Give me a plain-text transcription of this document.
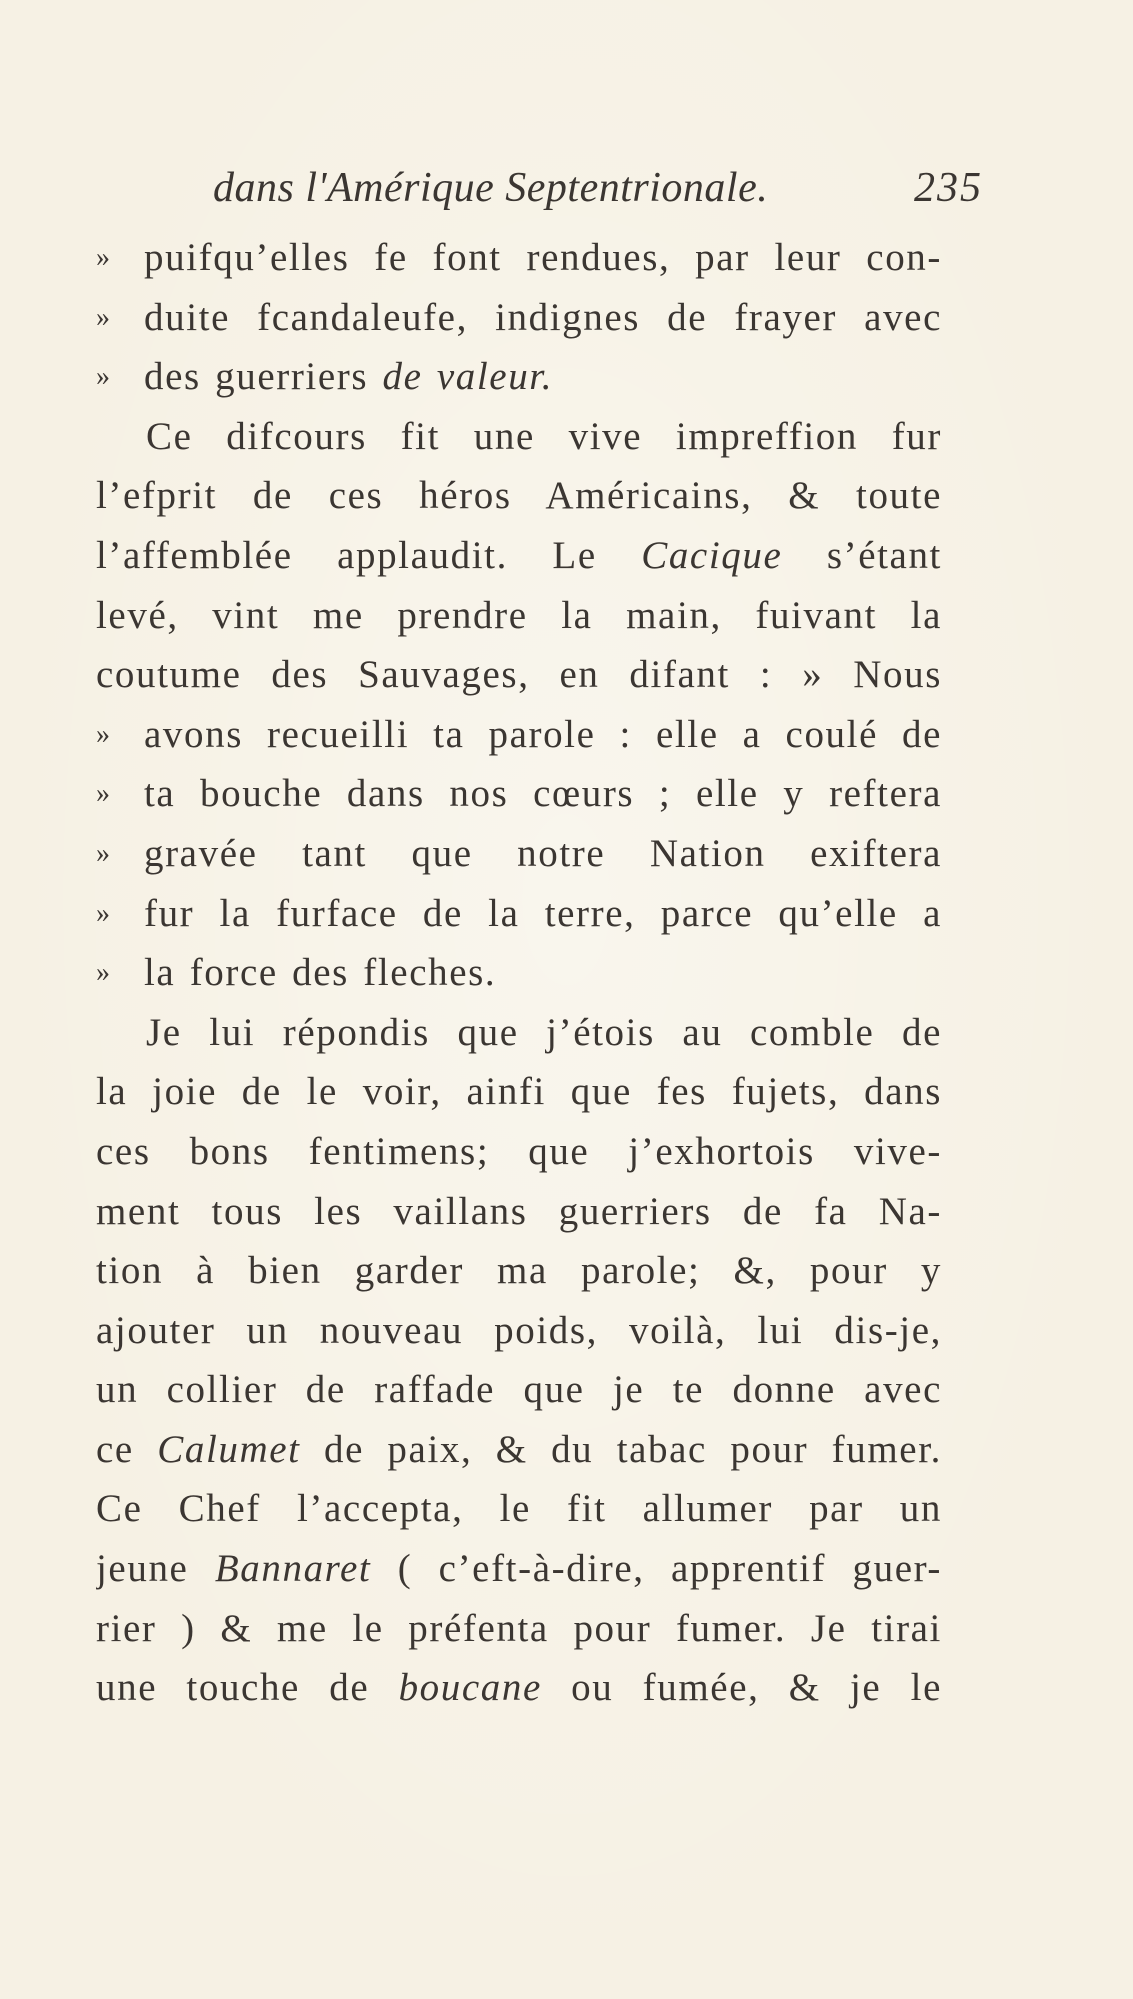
dans l'Amérique Septentrionale.	235
» puifqu’elles fe font rendues, par leur con-
» duite fcandaleufe, indignes de frayer avec
» des guerriers de valeur.
Ce difcours fit une vive impreffion fur
l’efprit de ces héros Américains, & toute
l’affemblée applaudit. Le Cacique s’étant
levé, vint me prendre la main, fuivant la
coutume des Sauvages, en difant : » Nous
» avons recueilli ta parole : elle a coulé de
» ta bouche dans nos cœurs ; elle y reftera
» gravée tant que notre Nation exiftera
» fur la furface de la terre, parce qu’elle a
» la force des fleches.
Je lui répondis que j’étois au comble de
la joie de le voir, ainfi que fes fujets, dans
ces bons fentimens; que j’exhortois vive-
ment tous les vaillans guerriers de fa Na-
tion à bien garder ma parole; &, pour y
ajouter un nouveau poids, voilà, lui dis-je,
un collier de raffade que je te donne avec
ce Calumet de paix, & du tabac pour fumer.
Ce Chef l’accepta, le fit allumer par un
jeune Bannaret ( c’eft-à-dire, apprentif guer-
rier ) & me le préfenta pour fumer. Je tirai
une touche de boucane ou fumée, & je le
